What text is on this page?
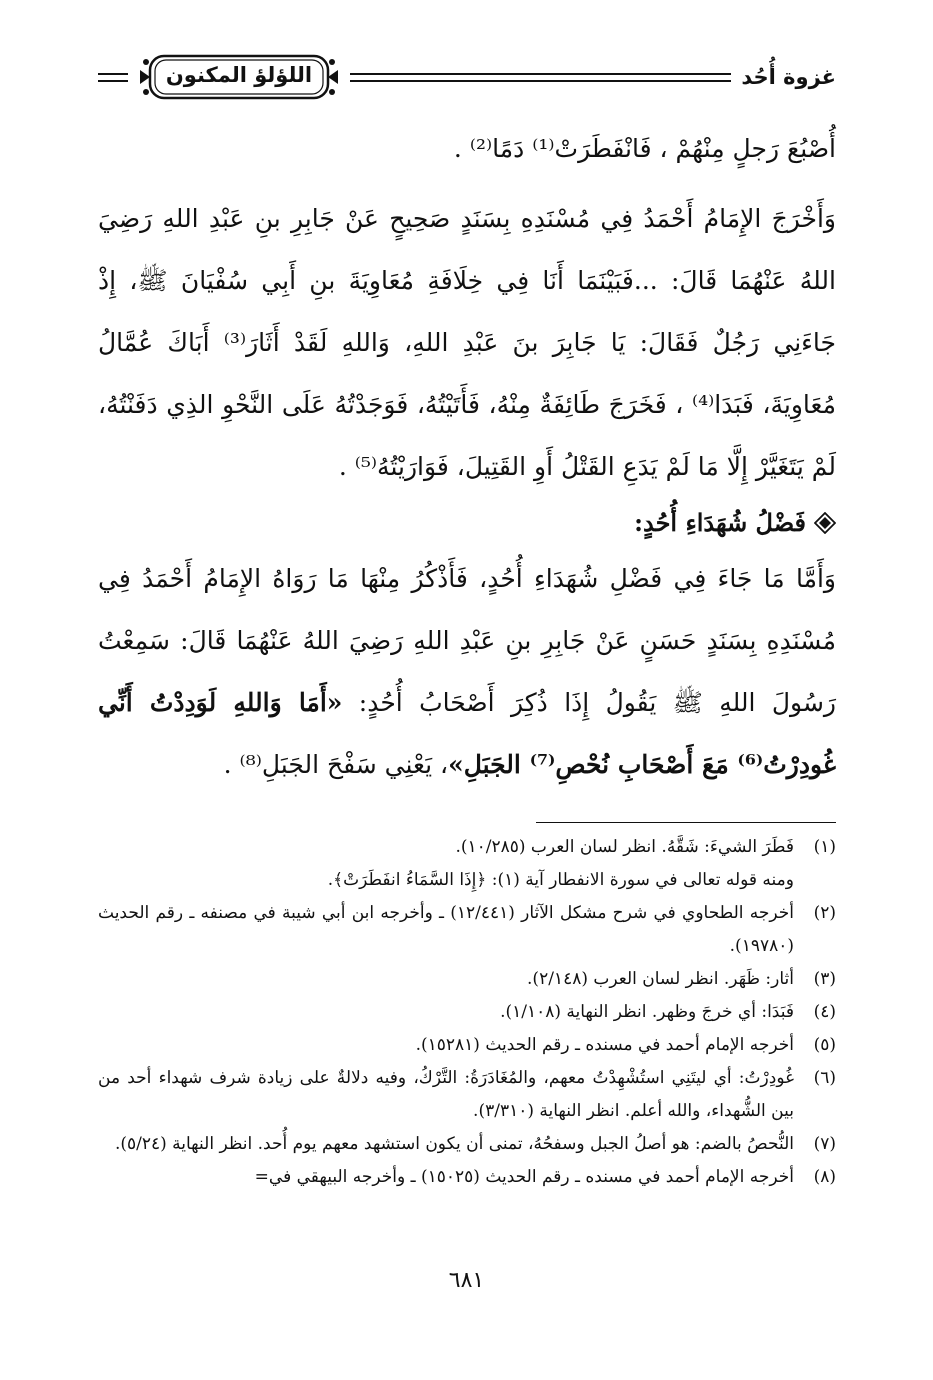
غزوة أُحُد
اللؤلؤ المكنون

أُصْبُعَ رَجلٍ مِنْهُمْ ، فَانْفَطَرَتْ⁽¹⁾ دَمًا⁽²⁾ .

وَأَخْرَجَ الإِمَامُ أَحْمَدُ فِي مُسْنَدِهِ بِسَنَدٍ صَحِيحٍ عَنْ جَابِرِ بنِ عَبْدِ اللهِ رَضِيَ اللهُ عَنْهُمَا قَالَ: ...فَبَيْنَمَا أَنَا فِي خِلَافَةِ مُعَاوِيَةَ بنِ أَبِي سُفْيَانَ ﷺ، إِذْ جَاءَنِي رَجُلٌ فَقَالَ: يَا جَابِرَ بنَ عَبْدِ اللهِ، وَاللهِ لَقَدْ أَثَارَ⁽³⁾ أَبَاكَ عُمَّالُ مُعَاوِيَةَ، فَبَدَا⁽⁴⁾ ، فَخَرَجَ طَائِفَةٌ مِنْهُ، فَأَتَيْتُهُ، فَوَجَدْتُهُ عَلَى النَّحْوِ الذِي دَفَنْتُهُ، لَمْ يَتَغَيَّرْ إِلَّا مَا لَمْ يَدَعِ القَتْلُ أَوِ القَتِيلَ، فَوَارَيْتُهُ⁽⁵⁾ .

فَضْلُ شُهَدَاءِ أُحُدٍ:

وَأَمَّا مَا جَاءَ فِي فَضْلِ شُهَدَاءِ أُحُدٍ، فَأَذْكُرُ مِنْهَا مَا رَوَاهُ الإِمَامُ أَحْمَدُ فِي مُسْنَدِهِ بِسَنَدٍ حَسَنٍ عَنْ جَابِرِ بنِ عَبْدِ اللهِ رَضِيَ اللهُ عَنْهُمَا قَالَ: سَمِعْتُ رَسُولَ اللهِ ﷺ يَقُولُ إِذَا ذُكِرَ أَصْحَابُ أُحُدٍ: «أَمَا وَاللهِ لَوَدِدْتُ أَنِّي غُودِرْتُ⁽⁶⁾ مَعَ أَصْحَابِ نُحْصِ⁽⁷⁾ الجَبَلِ»، يَعْنِي سَفْحَ الجَبَلِ⁽⁸⁾ .

(١)
فَطَرَ الشيءَ: شَقَّهُ. انظر لسان العرب (١٠/٢٨٥).
ومنه قوله تعالى في سورة الانفطار آية (١): ﴿إِذَا السَّمَاءُ انفَطَرَتْ﴾.
(٢)
أخرجه الطحاوي في شرح مشكل الآثار (١٢/٤٤١) ـ وأخرجه ابن أبي شيبة في مصنفه ـ رقم الحديث (١٩٧٨٠).
(٣)
أثار: ظَهَر. انظر لسان العرب (٢/١٤٨).
(٤)
فَبَدَا: أي خرجَ وظهر. انظر النهاية (١/١٠٨).
(٥)
أخرجه الإمام أحمد في مسنده ـ رقم الحديث (١٥٢٨١).
(٦)
غُودِرْتُ: أي ليتَنِي استُشْهِدْتُ معهم، والمُغَادَرَةُ: التَّرْكُ، وفيه دلالةٌ على زيادة شرف شهداء أحد من بين الشُّهداء، والله أعلم. انظر النهاية (٣/٣١٠).
(٧)
النُّحصُ بالضم: هو أصلُ الجبل وسفحُهُ، تمنى أن يكون استشهد معهم يوم أُحد. انظر النهاية (٥/٢٤).
(٨)
أخرجه الإمام أحمد في مسنده ـ رقم الحديث (١٥٠٢٥) ـ وأخرجه البيهقي في=
٦٨١
